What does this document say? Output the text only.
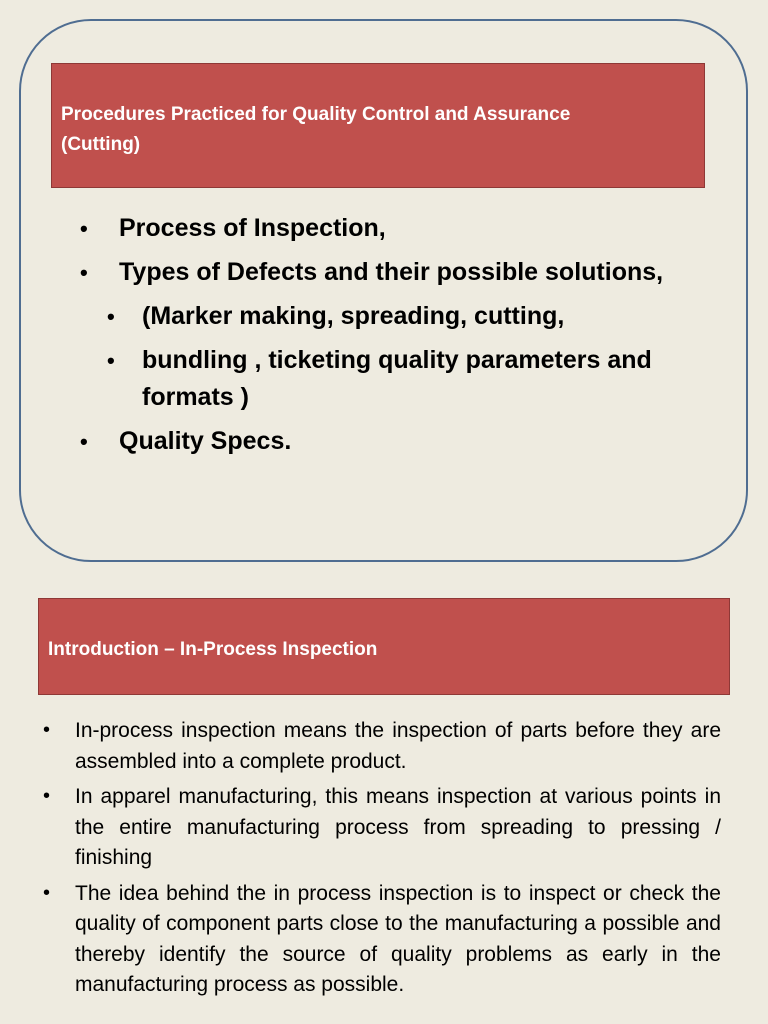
Procedures Practiced for Quality Control and Assurance
(Cutting)
• Process of Inspection,
• Types of Defects and their possible solutions,
• (Marker making, spreading, cutting,
• bundling , ticketing quality parameters and formats )
• Quality Specs.
Introduction – In-Process Inspection
• In-process inspection means the inspection of parts before they are assembled into a complete product.
• In apparel manufacturing, this means inspection at various points in the entire manufacturing process from spreading to pressing / finishing
• The idea behind the in process inspection is to inspect or check the quality of component parts close to the manufacturing a possible and thereby identify the source of quality problems as early in the manufacturing process as possible.
